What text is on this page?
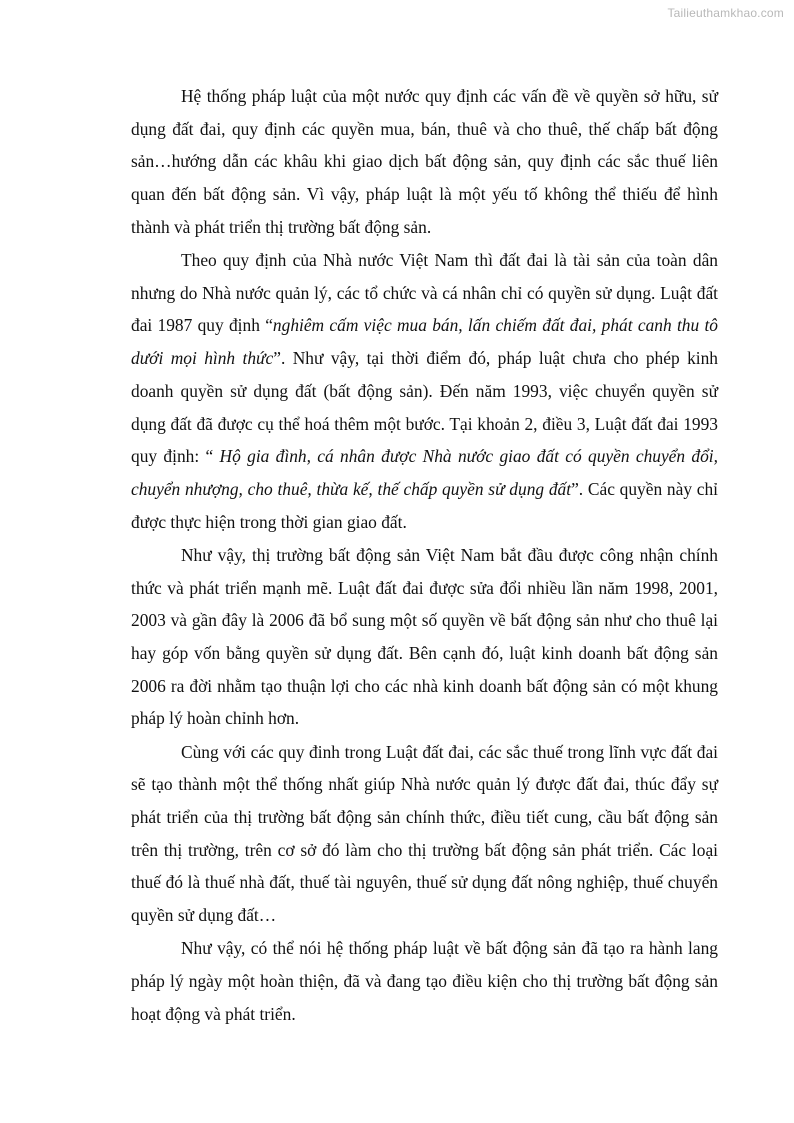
Tailieuthamkhao.com

Hệ thống pháp luật của một nước quy định các vấn đề về quyền sở hữu, sử dụng đất đai, quy định các quyền mua, bán, thuê và cho thuê, thế chấp bất động sản…hướng dẫn các khâu khi giao dịch bất động sản, quy định các sắc thuế liên quan đến bất động sản. Vì vậy, pháp luật là một yếu tố không thể thiếu để hình thành và phát triển thị trường bất động sản.

Theo quy định của Nhà nước Việt Nam thì đất đai là tài sản của toàn dân nhưng do Nhà nước quản lý, các tổ chức và cá nhân chỉ có quyền sử dụng. Luật đất đai 1987 quy định “nghiêm cấm việc mua bán, lấn chiếm đất đai, phát canh thu tô dưới mọi hình thức”. Như vậy, tại thời điểm đó, pháp luật chưa cho phép kinh doanh quyền sử dụng đất (bất động sản). Đến năm 1993, việc chuyển quyền sử dụng đất đã được cụ thể hoá thêm một bước. Tại khoản 2, điều 3, Luật đất đai 1993 quy định: “ Hộ gia đình, cá nhân được Nhà nước giao đất có quyền chuyển đổi, chuyển nhượng, cho thuê, thừa kế, thế chấp quyền sử dụng đất”. Các quyền này chỉ được thực hiện trong thời gian giao đất.

Như vậy, thị trường bất động sản Việt Nam bắt đầu được công nhận chính thức và phát triển mạnh mẽ. Luật đất đai được sửa đổi nhiều lần năm 1998, 2001, 2003 và gần đây là 2006 đã bổ sung một số quyền về bất động sản như cho thuê lại hay góp vốn bằng quyền sử dụng đất. Bên cạnh đó, luật kinh doanh bất động sản 2006 ra đời nhằm tạo thuận lợi cho các nhà kinh doanh bất động sản có một khung pháp lý hoàn chỉnh hơn.

Cùng với các quy đinh trong Luật đất đai, các sắc thuế trong lĩnh vực đất đai sẽ tạo thành một thể thống nhất giúp Nhà nước quản lý được đất đai, thúc đẩy sự phát triển của thị trường bất động sản chính thức, điều tiết cung, cầu bất động sản trên thị trường, trên cơ sở đó làm cho thị trường bất động sản phát triển. Các loại thuế đó là thuế nhà đất, thuế tài nguyên, thuế sử dụng đất nông nghiệp, thuế chuyển quyền sử dụng đất…

Như vậy, có thể nói hệ thống pháp luật về bất động sản đã tạo ra hành lang pháp lý ngày một hoàn thiện, đã và đang tạo điều kiện cho thị trường bất động sản hoạt động và phát triển.
